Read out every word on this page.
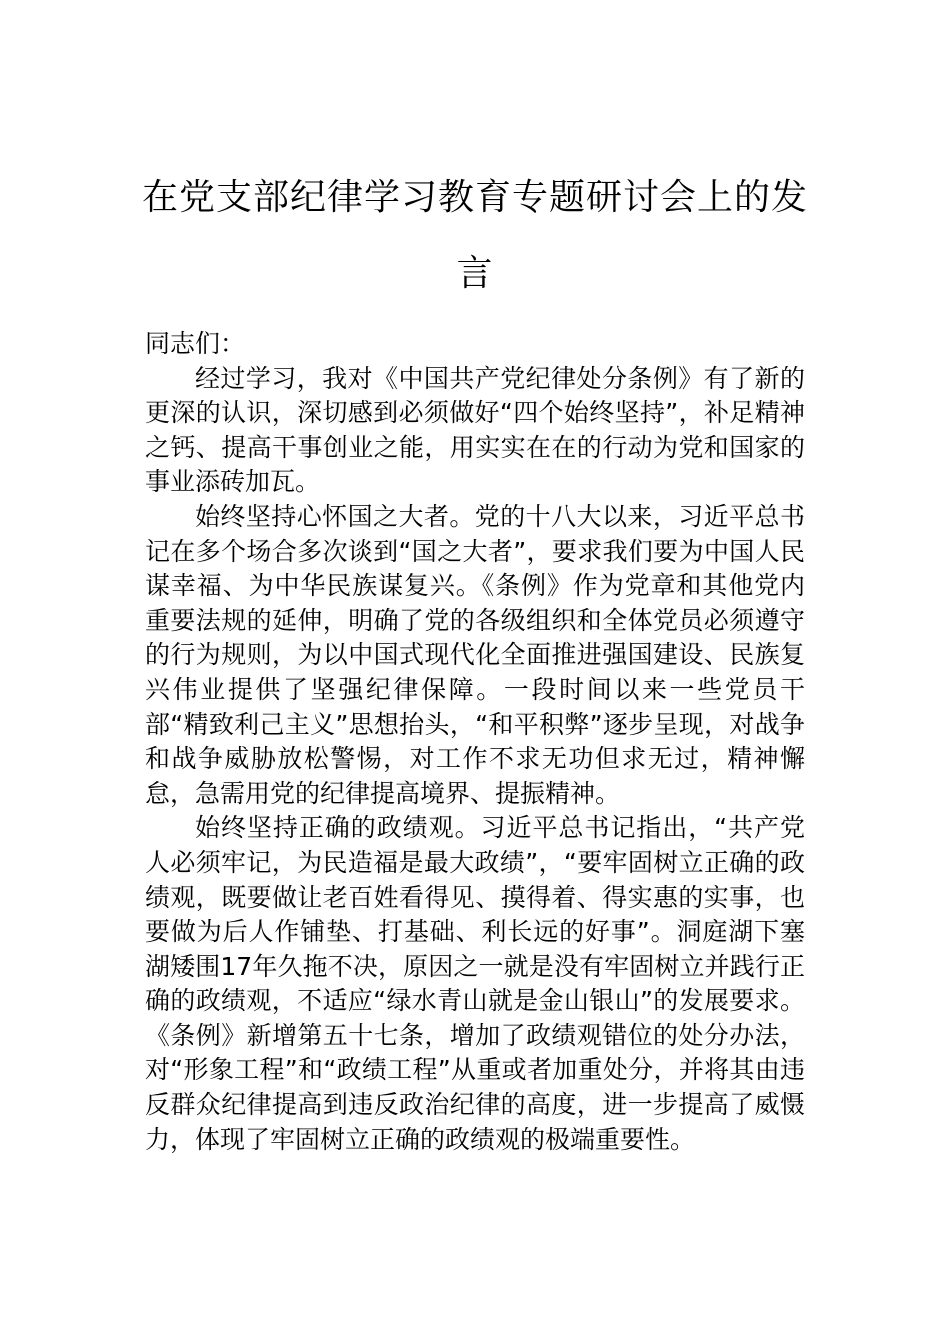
在党支部纪律学习教育专题研讨会上的发言

同志们：

经过学习，我对《中国共产党纪律处分条例》有了新的更深的认识，深切感到必须做好“四个始终坚持”，补足精神之钙、提高干事创业之能，用实实在在的行动为党和国家的事业添砖加瓦。

始终坚持心怀国之大者。党的十八大以来，习近平总书记在多个场合多次谈到“国之大者”，要求我们要为中国人民谋幸福、为中华民族谋复兴。《条例》作为党章和其他党内重要法规的延伸，明确了党的各级组织和全体党员必须遵守的行为规则，为以中国式现代化全面推进强国建设、民族复兴伟业提供了坚强纪律保障。一段时间以来一些党员干部“精致利己主义”思想抬头，“和平积弊”逐步呈现，对战争和战争威胁放松警惕，对工作不求无功但求无过，精神懈怠，急需用党的纪律提高境界、提振精神。

始终坚持正确的政绩观。习近平总书记指出，“共产党人必须牢记，为民造福是最大政绩”，“要牢固树立正确的政绩观，既要做让老百姓看得见、摸得着、得实惠的实事，也要做为后人作铺垫、打基础、利长远的好事”。洞庭湖下塞湖矮围17年久拖不决，原因之一就是没有牢固树立并践行正确的政绩观，不适应“绿水青山就是金山银山”的发展要求。《条例》新增第五十七条，增加了政绩观错位的处分办法，对“形象工程”和“政绩工程”从重或者加重处分，并将其由违反群众纪律提高到违反政治纪律的高度，进一步提高了威慑力，体现了牢固树立正确的政绩观的极端重要性。
